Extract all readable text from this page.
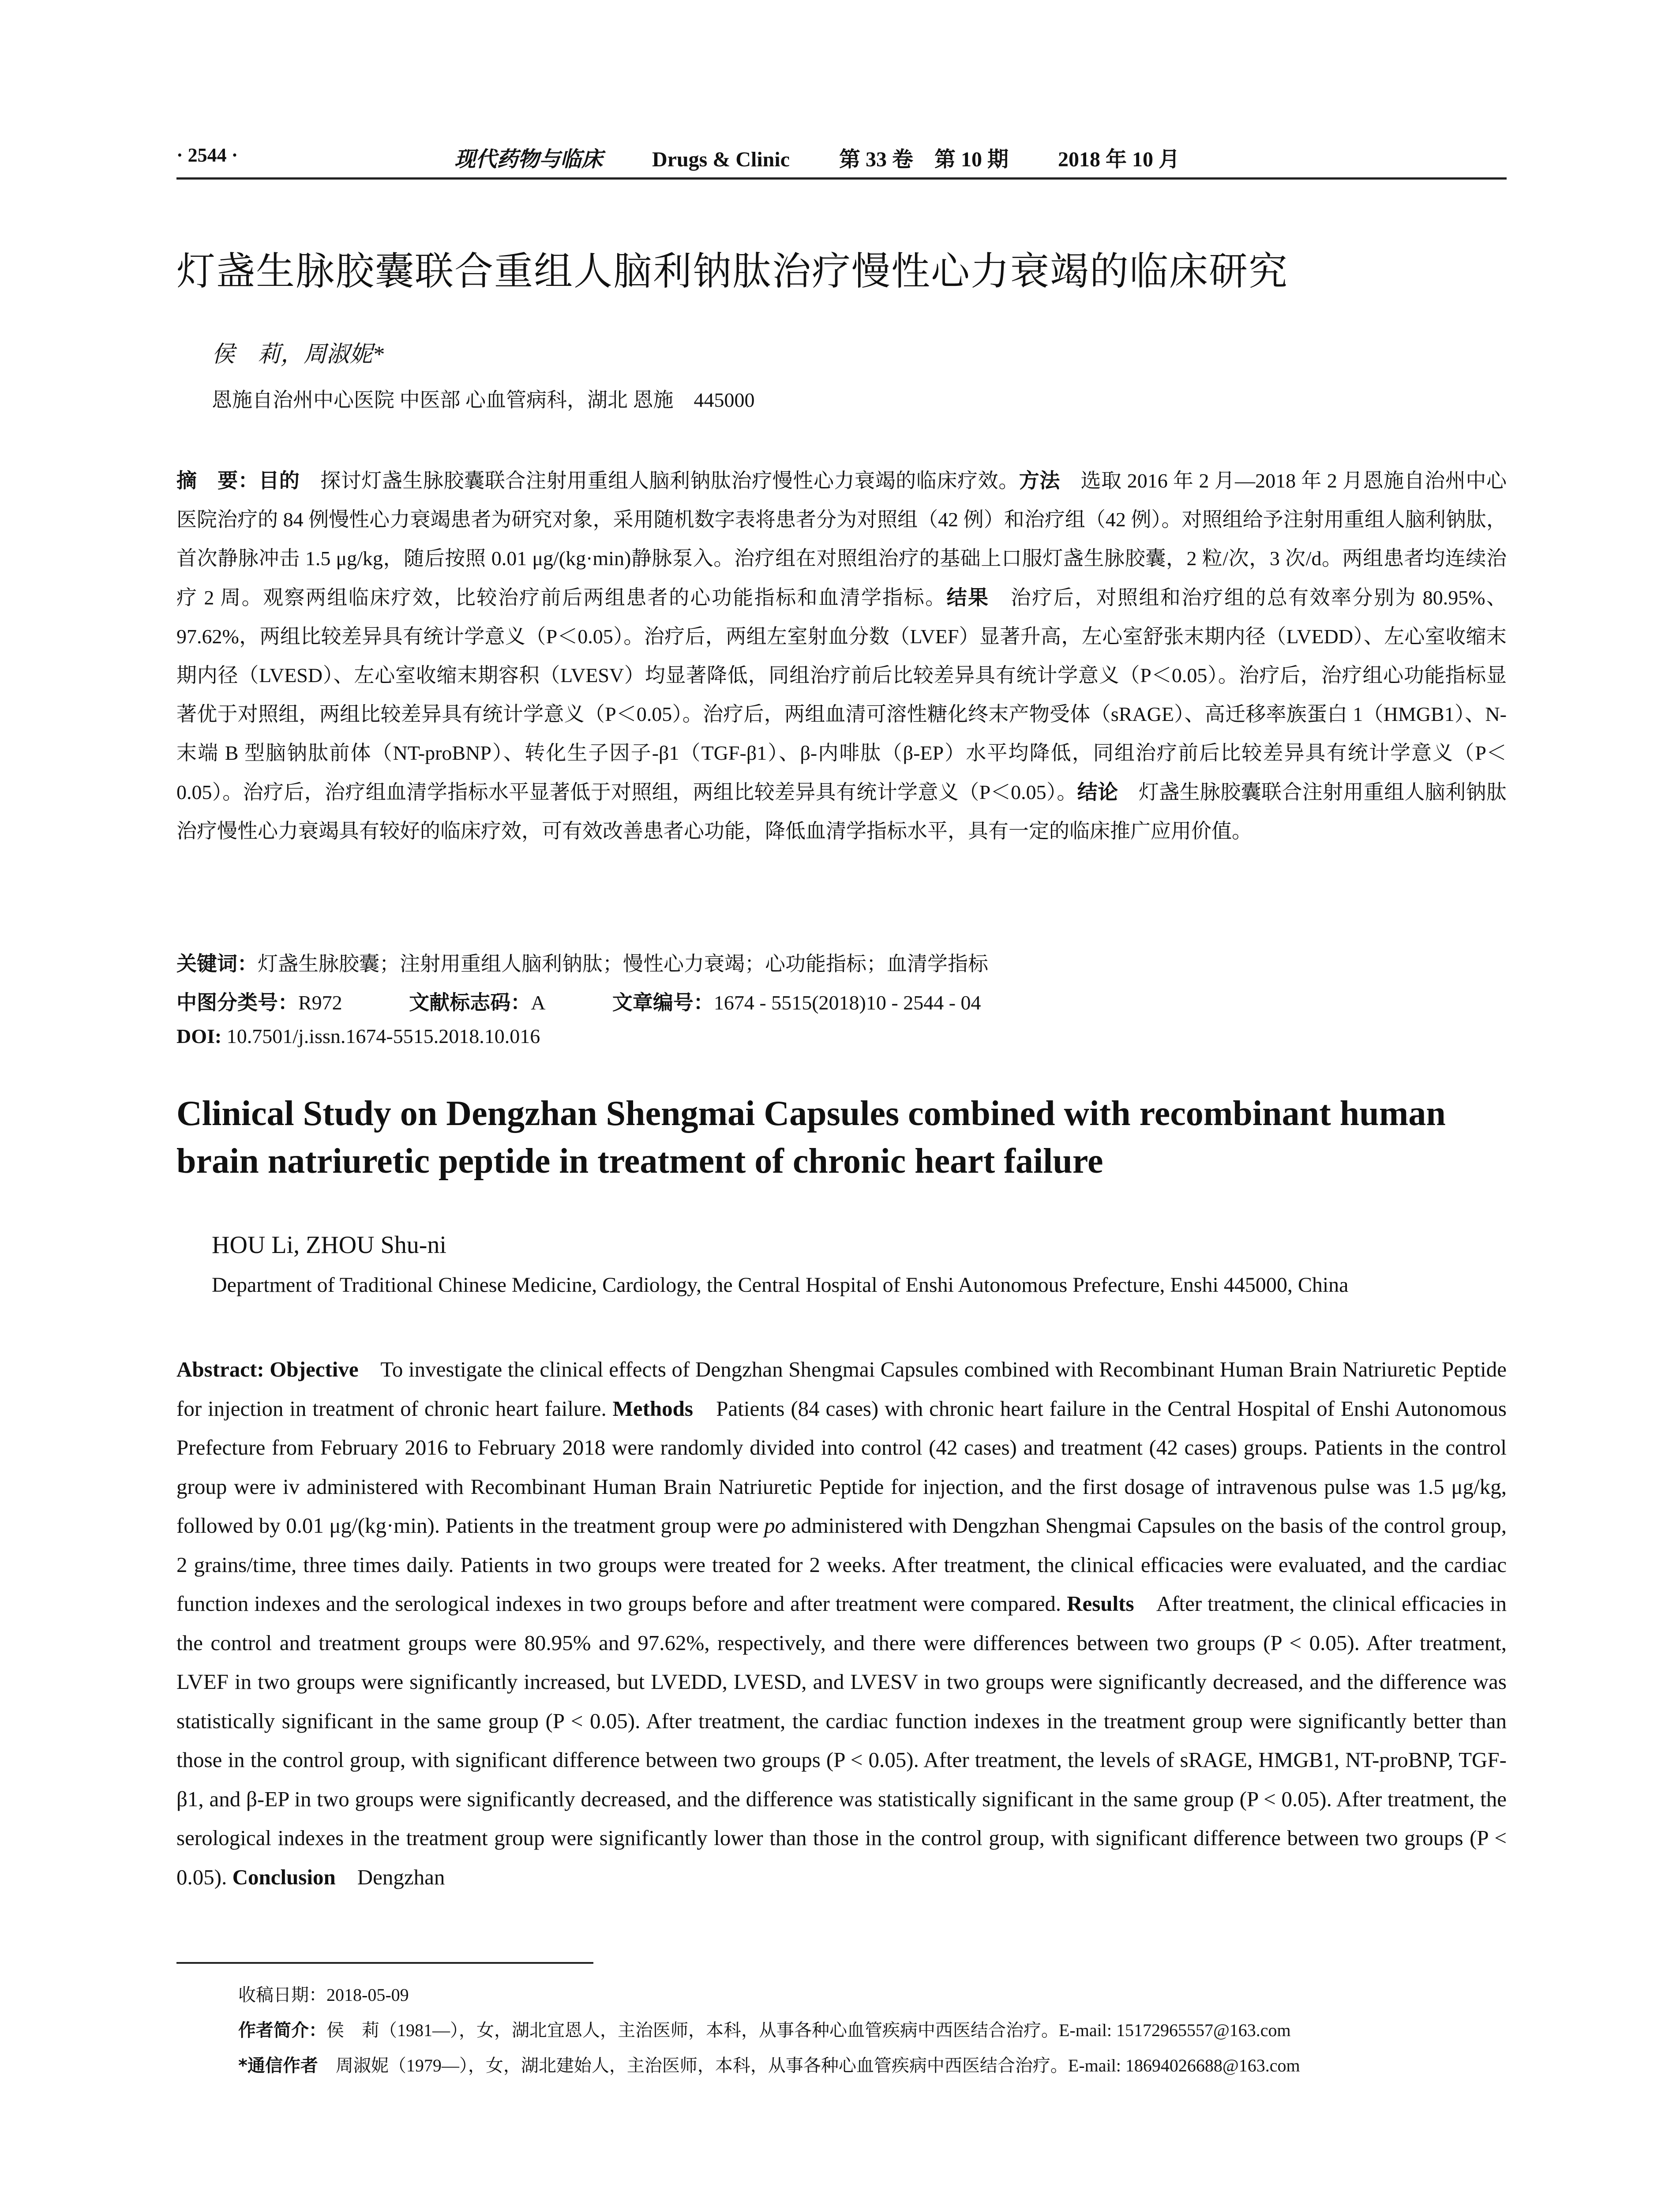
· 2544 ·	现代药物与临床 Drugs & Clinic 第 33 卷　第 10 期 2018 年 10 月
灯盏生脉胶囊联合重组人脑利钠肽治疗慢性心力衰竭的临床研究
侯　莉，周淑妮*
恩施自治州中心医院 中医部 心血管病科，湖北 恩施　445000
摘　要：目的　探讨灯盏生脉胶囊联合注射用重组人脑利钠肽治疗慢性心力衰竭的临床疗效。方法　选取 2016 年 2 月—2018 年 2 月恩施自治州中心医院治疗的 84 例慢性心力衰竭患者为研究对象，采用随机数字表将患者分为对照组（42 例）和治疗组（42 例）。对照组给予注射用重组人脑利钠肽，首次静脉冲击 1.5 μg/kg，随后按照 0.01 μg/(kg·min)静脉泵入。治疗组在对照组治疗的基础上口服灯盏生脉胶囊，2 粒/次，3 次/d。两组患者均连续治疗 2 周。观察两组临床疗效，比较治疗前后两组患者的心功能指标和血清学指标。结果　治疗后，对照组和治疗组的总有效率分别为 80.95%、97.62%，两组比较差异具有统计学意义（P＜0.05）。治疗后，两组左室射血分数（LVEF）显著升高，左心室舒张末期内径（LVEDD）、左心室收缩末期内径（LVESD）、左心室收缩末期容积（LVESV）均显著降低，同组治疗前后比较差异具有统计学意义（P＜0.05）。治疗后，治疗组心功能指标显著优于对照组，两组比较差异具有统计学意义（P＜0.05）。治疗后，两组血清可溶性糖化终末产物受体（sRAGE）、高迁移率族蛋白 1（HMGB1）、N-末端 B 型脑钠肽前体（NT-proBNP）、转化生子因子-β1（TGF-β1）、β-内啡肽（β-EP）水平均降低，同组治疗前后比较差异具有统计学意义（P＜0.05）。治疗后，治疗组血清学指标水平显著低于对照组，两组比较差异具有统计学意义（P＜0.05）。结论　灯盏生脉胶囊联合注射用重组人脑利钠肽治疗慢性心力衰竭具有较好的临床疗效，可有效改善患者心功能，降低血清学指标水平，具有一定的临床推广应用价值。
关键词：灯盏生脉胶囊；注射用重组人脑利钠肽；慢性心力衰竭；心功能指标；血清学指标
中图分类号：R972	文献标志码：A	文章编号：1674 - 5515(2018)10 - 2544 - 04
DOI: 10.7501/j.issn.1674-5515.2018.10.016
Clinical Study on Dengzhan Shengmai Capsules combined with recombinant human brain natriuretic peptide in treatment of chronic heart failure
HOU Li, ZHOU Shu-ni
Department of Traditional Chinese Medicine, Cardiology, the Central Hospital of Enshi Autonomous Prefecture, Enshi 445000, China
Abstract: Objective　To investigate the clinical effects of Dengzhan Shengmai Capsules combined with Recombinant Human Brain Natriuretic Peptide for injection in treatment of chronic heart failure. Methods　Patients (84 cases) with chronic heart failure in the Central Hospital of Enshi Autonomous Prefecture from February 2016 to February 2018 were randomly divided into control (42 cases) and treatment (42 cases) groups. Patients in the control group were iv administered with Recombinant Human Brain Natriuretic Peptide for injection, and the first dosage of intravenous pulse was 1.5 μg/kg, followed by 0.01 μg/(kg·min). Patients in the treatment group were po administered with Dengzhan Shengmai Capsules on the basis of the control group, 2 grains/time, three times daily. Patients in two groups were treated for 2 weeks. After treatment, the clinical efficacies were evaluated, and the cardiac function indexes and the serological indexes in two groups before and after treatment were compared. Results　After treatment, the clinical efficacies in the control and treatment groups were 80.95% and 97.62%, respectively, and there were differences between two groups (P < 0.05). After treatment, LVEF in two groups were significantly increased, but LVEDD, LVESD, and LVESV in two groups were significantly decreased, and the difference was statistically significant in the same group (P < 0.05). After treatment, the cardiac function indexes in the treatment group were significantly better than those in the control group, with significant difference between two groups (P < 0.05). After treatment, the levels of sRAGE, HMGB1, NT-proBNP, TGF-β1, and β-EP in two groups were significantly decreased, and the difference was statistically significant in the same group (P < 0.05). After treatment, the serological indexes in the treatment group were significantly lower than those in the control group, with significant difference between two groups (P < 0.05). Conclusion　Dengzhan
收稿日期：2018-05-09
作者简介：侯　莉（1981—），女，湖北宜恩人，主治医师，本科，从事各种心血管疾病中西医结合治疗。E-mail: 15172965557@163.com
*通信作者　周淑妮（1979—），女，湖北建始人，主治医师，本科，从事各种心血管疾病中西医结合治疗。E-mail: 18694026688@163.com
